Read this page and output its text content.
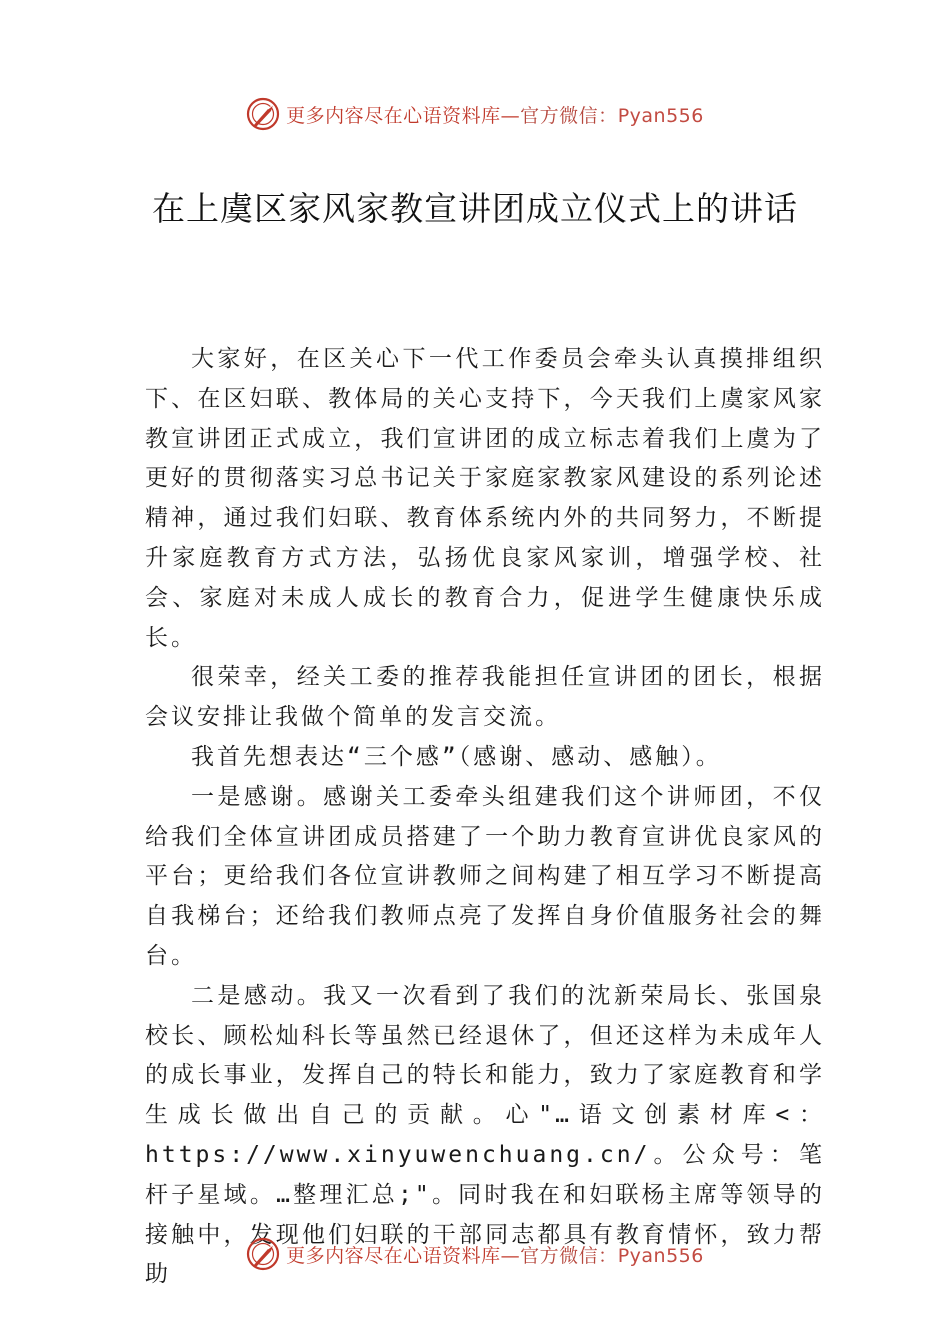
更多内容尽在心语资料库—官方微信：Pyan556
在上虞区家风家教宣讲团成立仪式上的讲话

大家好，在区关心下一代工作委员会牵头认真摸排组织下、在区妇联、教体局的关心支持下，今天我们上虞家风家教宣讲团正式成立，我们宣讲团的成立标志着我们上虞为了更好的贯彻落实习总书记关于家庭家教家风建设的系列论述精神，通过我们妇联、教育体系统内外的共同努力，不断提升家庭教育方式方法，弘扬优良家风家训，增强学校、社会、家庭对未成人成长的教育合力，促进学生健康快乐成长。

很荣幸，经关工委的推荐我能担任宣讲团的团长，根据会议安排让我做个简单的发言交流。

我首先想表达“三个感”（感谢、感动、感触）。

一是感谢。感谢关工委牵头组建我们这个讲师团，不仅给我们全体宣讲团成员搭建了一个助力教育宣讲优良家风的平台；更给我们各位宣讲教师之间构建了相互学习不断提高自我梯台；还给我们教师点亮了发挥自身价值服务社会的舞台。

二是感动。我又一次看到了我们的沈新荣局长、张国泉校长、顾松灿科长等虽然已经退休了，但还这样为未成年人的成长事业，发挥自己的特长和能力，致力了家庭教育和学生成长做出自己的贡献。心"…语文创素材库<：https://www.xinyuwenchuang.cn/。公众号：笔杆子星域。…整理汇总;"。同时我在和妇联杨主席等领导的接触中，发现他们妇联的干部同志都具有教育情怀，致力帮助

更多内容尽在心语资料库—官方微信：Pyan556
